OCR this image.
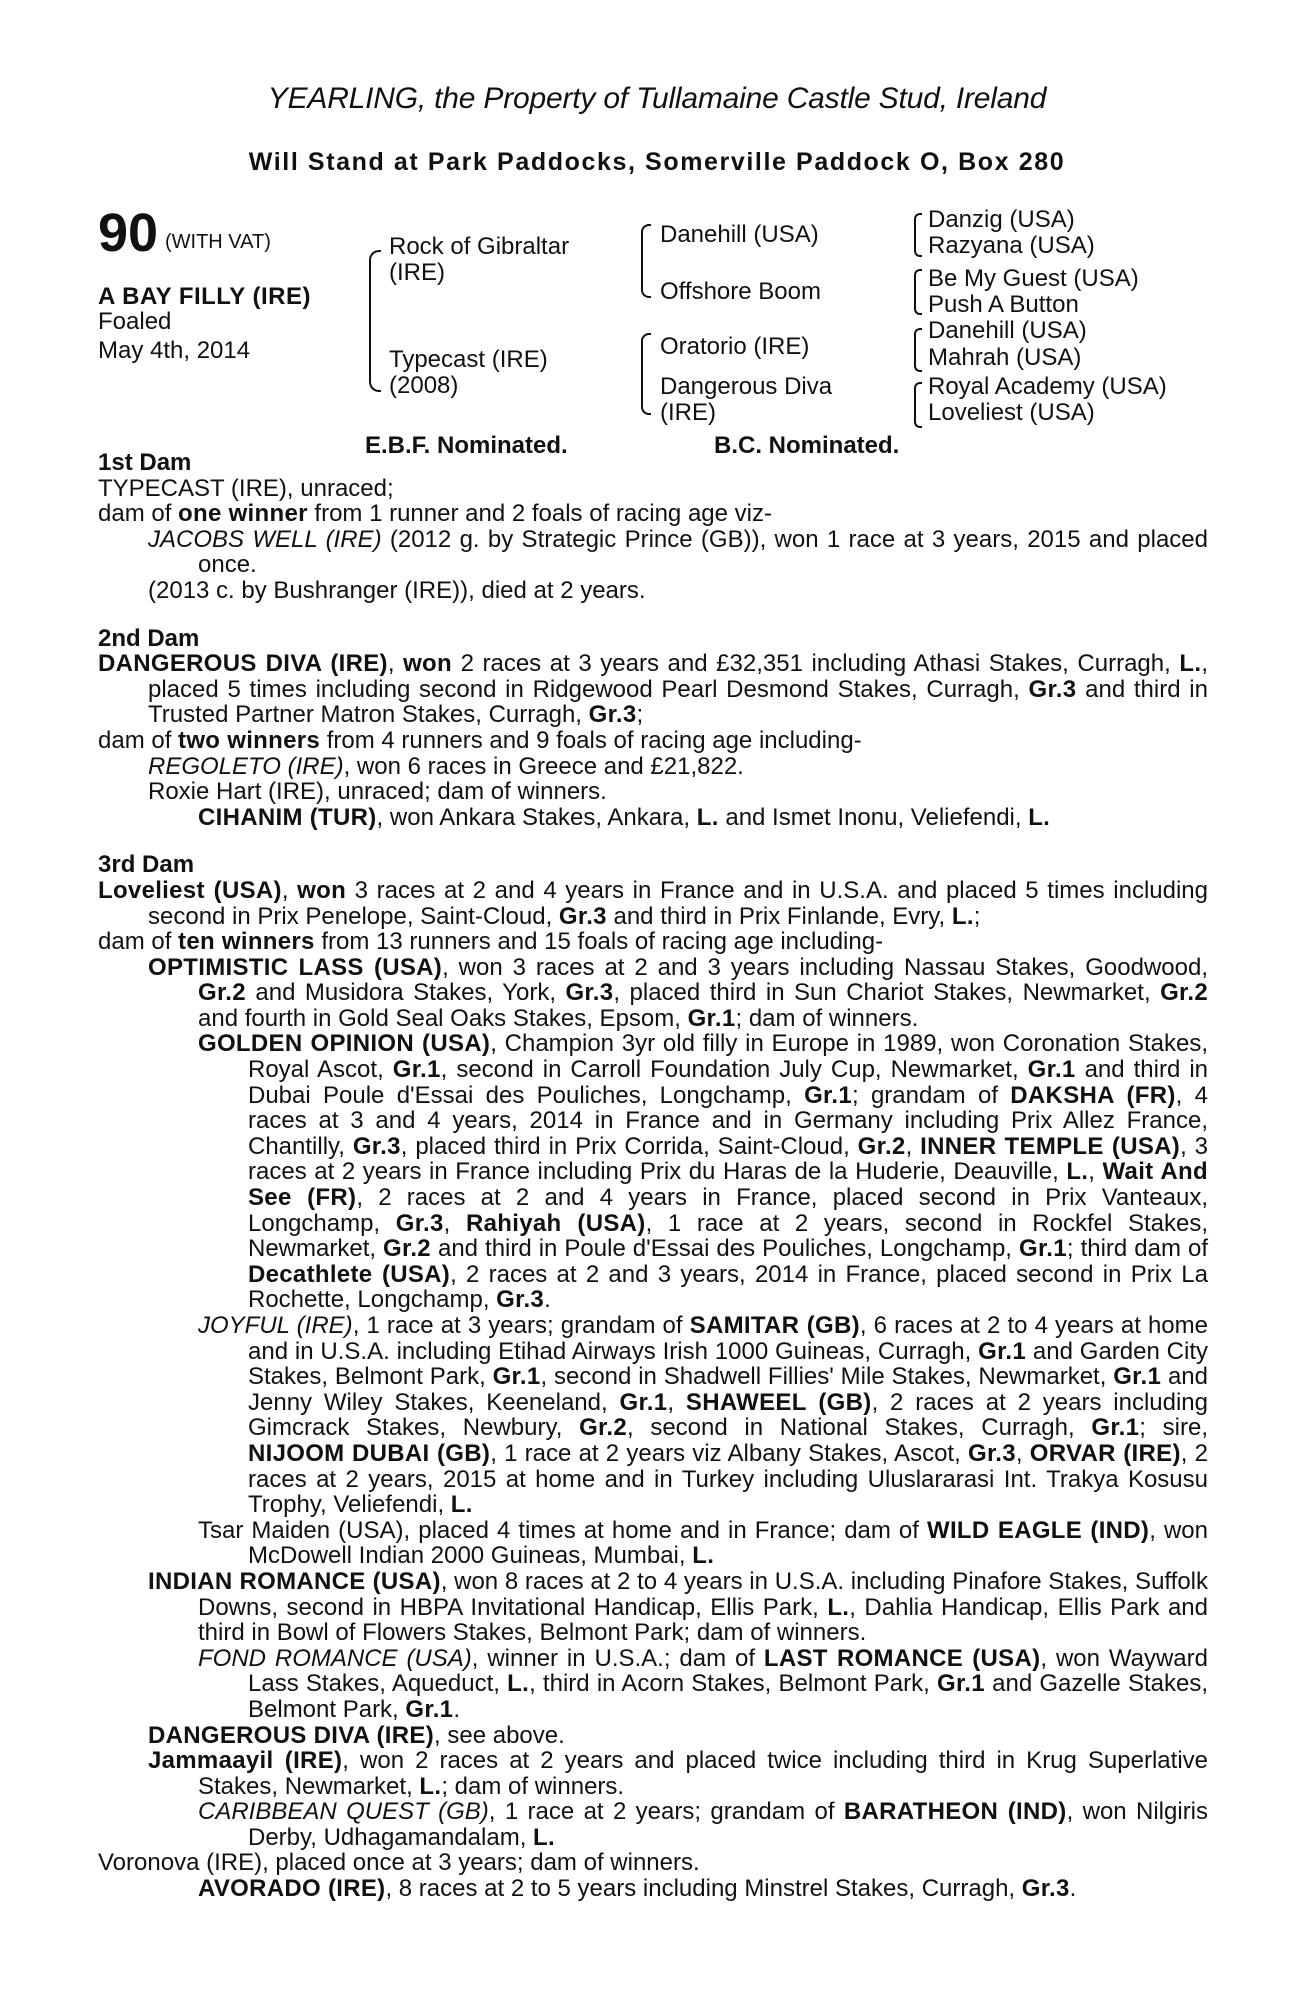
YEARLING, the Property of Tullamaine Castle Stud, Ireland
Will Stand at Park Paddocks, Somerville Paddock O, Box 280
90 (WITH VAT)
A BAY FILLY (IRE)
Foaled
May 4th, 2014
Rock of Gibraltar
(IRE)
Typecast (IRE)
(2008)
Danehill (USA)
Offshore Boom
Oratorio (IRE)
Dangerous Diva
(IRE)
Danzig (USA)
Razyana (USA)
Be My Guest (USA)
Push A Button
Danehill (USA)
Mahrah (USA)
Royal Academy (USA)
Loveliest (USA)
E.B.F. Nominated.	B.C. Nominated.
1st Dam
TYPECAST (IRE), unraced;
dam of one winner from 1 runner and 2 foals of racing age viz-
JACOBS WELL (IRE) (2012 g. by Strategic Prince (GB)), won 1 race at 3 years, 2015 and placed once.
(2013 c. by Bushranger (IRE)), died at 2 years.
2nd Dam
DANGEROUS DIVA (IRE), won 2 races at 3 years and £32,351 including Athasi Stakes, Curragh, L., placed 5 times including second in Ridgewood Pearl Desmond Stakes, Curragh, Gr.3 and third in Trusted Partner Matron Stakes, Curragh, Gr.3;
dam of two winners from 4 runners and 9 foals of racing age including-
REGOLETO (IRE), won 6 races in Greece and £21,822.
Roxie Hart (IRE), unraced; dam of winners.
CIHANIM (TUR), won Ankara Stakes, Ankara, L. and Ismet Inonu, Veliefendi, L.
3rd Dam
Loveliest (USA), won 3 races at 2 and 4 years in France and in U.S.A. and placed 5 times including second in Prix Penelope, Saint-Cloud, Gr.3 and third in Prix Finlande, Evry, L.;
dam of ten winners from 13 runners and 15 foals of racing age including-
OPTIMISTIC LASS (USA), won 3 races at 2 and 3 years including Nassau Stakes, Goodwood, Gr.2 and Musidora Stakes, York, Gr.3, placed third in Sun Chariot Stakes, Newmarket, Gr.2 and fourth in Gold Seal Oaks Stakes, Epsom, Gr.1; dam of winners.
GOLDEN OPINION (USA), Champion 3yr old filly in Europe in 1989, won Coronation Stakes, Royal Ascot, Gr.1, second in Carroll Foundation July Cup, Newmarket, Gr.1 and third in Dubai Poule d'Essai des Pouliches, Longchamp, Gr.1; grandam of DAKSHA (FR), 4 races at 3 and 4 years, 2014 in France and in Germany including Prix Allez France, Chantilly, Gr.3, placed third in Prix Corrida, Saint-Cloud, Gr.2, INNER TEMPLE (USA), 3 races at 2 years in France including Prix du Haras de la Huderie, Deauville, L., Wait And See (FR), 2 races at 2 and 4 years in France, placed second in Prix Vanteaux, Longchamp, Gr.3, Rahiyah (USA), 1 race at 2 years, second in Rockfel Stakes, Newmarket, Gr.2 and third in Poule d'Essai des Pouliches, Longchamp, Gr.1; third dam of Decathlete (USA), 2 races at 2 and 3 years, 2014 in France, placed second in Prix La Rochette, Longchamp, Gr.3.
JOYFUL (IRE), 1 race at 3 years; grandam of SAMITAR (GB), 6 races at 2 to 4 years at home and in U.S.A. including Etihad Airways Irish 1000 Guineas, Curragh, Gr.1 and Garden City Stakes, Belmont Park, Gr.1, second in Shadwell Fillies' Mile Stakes, Newmarket, Gr.1 and Jenny Wiley Stakes, Keeneland, Gr.1, SHAWEEL (GB), 2 races at 2 years including Gimcrack Stakes, Newbury, Gr.2, second in National Stakes, Curragh, Gr.1; sire, NIJOOM DUBAI (GB), 1 race at 2 years viz Albany Stakes, Ascot, Gr.3, ORVAR (IRE), 2 races at 2 years, 2015 at home and in Turkey including Uluslararasi Int. Trakya Kosusu Trophy, Veliefendi, L.
Tsar Maiden (USA), placed 4 times at home and in France; dam of WILD EAGLE (IND), won McDowell Indian 2000 Guineas, Mumbai, L.
INDIAN ROMANCE (USA), won 8 races at 2 to 4 years in U.S.A. including Pinafore Stakes, Suffolk Downs, second in HBPA Invitational Handicap, Ellis Park, L., Dahlia Handicap, Ellis Park and third in Bowl of Flowers Stakes, Belmont Park; dam of winners.
FOND ROMANCE (USA), winner in U.S.A.; dam of LAST ROMANCE (USA), won Wayward Lass Stakes, Aqueduct, L., third in Acorn Stakes, Belmont Park, Gr.1 and Gazelle Stakes, Belmont Park, Gr.1.
DANGEROUS DIVA (IRE), see above.
Jammaayil (IRE), won 2 races at 2 years and placed twice including third in Krug Superlative Stakes, Newmarket, L.; dam of winners.
CARIBBEAN QUEST (GB), 1 race at 2 years; grandam of BARATHEON (IND), won Nilgiris Derby, Udhagamandalam, L.
Voronova (IRE), placed once at 3 years; dam of winners.
AVORADO (IRE), 8 races at 2 to 5 years including Minstrel Stakes, Curragh, Gr.3.
